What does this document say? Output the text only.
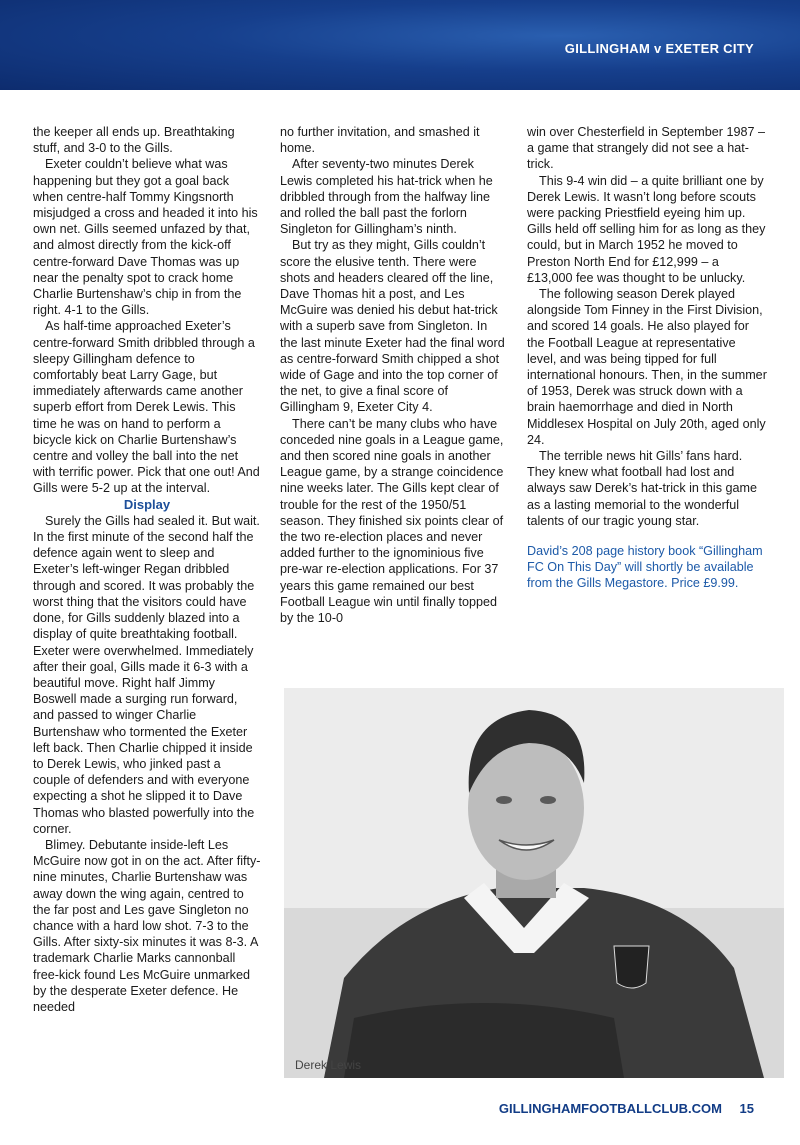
GILLINGHAM v EXETER CITY

the keeper all ends up. Breathtaking stuff, and 3-0 to the Gills.

Exeter couldn’t believe what was happening but they got a goal back when centre-half Tommy Kingsnorth misjudged a cross and headed it into his own net. Gills seemed unfazed by that, and almost directly from the kick-off centre-forward Dave Thomas was up near the penalty spot to crack home Charlie Burtenshaw’s chip in from the right. 4-1 to the Gills.

As half-time approached Exeter’s centre-forward Smith dribbled through a sleepy Gillingham defence to comfortably beat Larry Gage, but immediately afterwards came another superb effort from Derek Lewis. This time he was on hand to perform a bicycle kick on Charlie Burtenshaw’s centre and volley the ball into the net with terrific power. Pick that one out! And Gills were 5-2 up at the interval.

Display

Surely the Gills had sealed it. But wait. In the first minute of the second half the defence again went to sleep and Exeter’s left-winger Regan dribbled through and scored. It was probably the worst thing that the visitors could have done, for Gills suddenly blazed into a display of quite breathtaking football. Exeter were overwhelmed. Immediately after their goal, Gills made it 6-3 with a beautiful move. Right half Jimmy Boswell made a surging run forward, and passed to winger Charlie Burtenshaw who tormented the Exeter left back. Then Charlie chipped it inside to Derek Lewis, who jinked past a couple of defenders and with everyone expecting a shot he slipped it to Dave Thomas who blasted powerfully into the corner.

Blimey. Debutante inside-left Les McGuire now got in on the act. After fifty-nine minutes, Charlie Burtenshaw was away down the wing again, centred to the far post and Les gave Singleton no chance with a hard low shot. 7-3 to the Gills. After sixty-six minutes it was 8-3. A trademark Charlie Marks cannonball free-kick found Les McGuire unmarked by the desperate Exeter defence. He needed

no further invitation, and smashed it home.

After seventy-two minutes Derek Lewis completed his hat-trick when he dribbled through from the halfway line and rolled the ball past the forlorn Singleton for Gillingham’s ninth.

But try as they might, Gills couldn’t score the elusive tenth. There were shots and headers cleared off the line, Dave Thomas hit a post, and Les McGuire was denied his debut hat-trick with a superb save from Singleton. In the last minute Exeter had the final word as centre-forward Smith chipped a shot wide of Gage and into the top corner of the net, to give a final score of Gillingham 9, Exeter City 4.

There can’t be many clubs who have conceded nine goals in a League game, and then scored nine goals in another League game, by a strange coincidence nine weeks later. The Gills kept clear of trouble for the rest of the 1950/51 season. They finished six points clear of the two re-election places and never added further to the ignominious five pre-war re-election applications. For 37 years this game remained our best Football League win until finally topped by the 10-0

win over Chesterfield in September 1987 – a game that strangely did not see a hat-trick.

This 9-4 win did – a quite brilliant one by Derek Lewis. It wasn’t long before scouts were packing Priestfield eyeing him up. Gills held off selling him for as long as they could, but in March 1952 he moved to Preston North End for £12,999 – a £13,000 fee was thought to be unlucky.

The following season Derek played alongside Tom Finney in the First Division, and scored 14 goals. He also played for the Football League at representative level, and was being tipped for full international honours. Then, in the summer of 1953, Derek was struck down with a brain haemorrhage and died in North Middlesex Hospital on July 20th, aged only 24.

The terrible news hit Gills’ fans hard. They knew what football had lost and always saw Derek’s hat-trick in this game as a lasting memorial to the wonderful talents of our tragic young star.

David’s 208 page history book “Gillingham FC On This Day” will shortly be available from the Gills Megastore. Price £9.99.

Derek Lewis
GILLINGHAMFOOTBALLCLUB.COM 15
